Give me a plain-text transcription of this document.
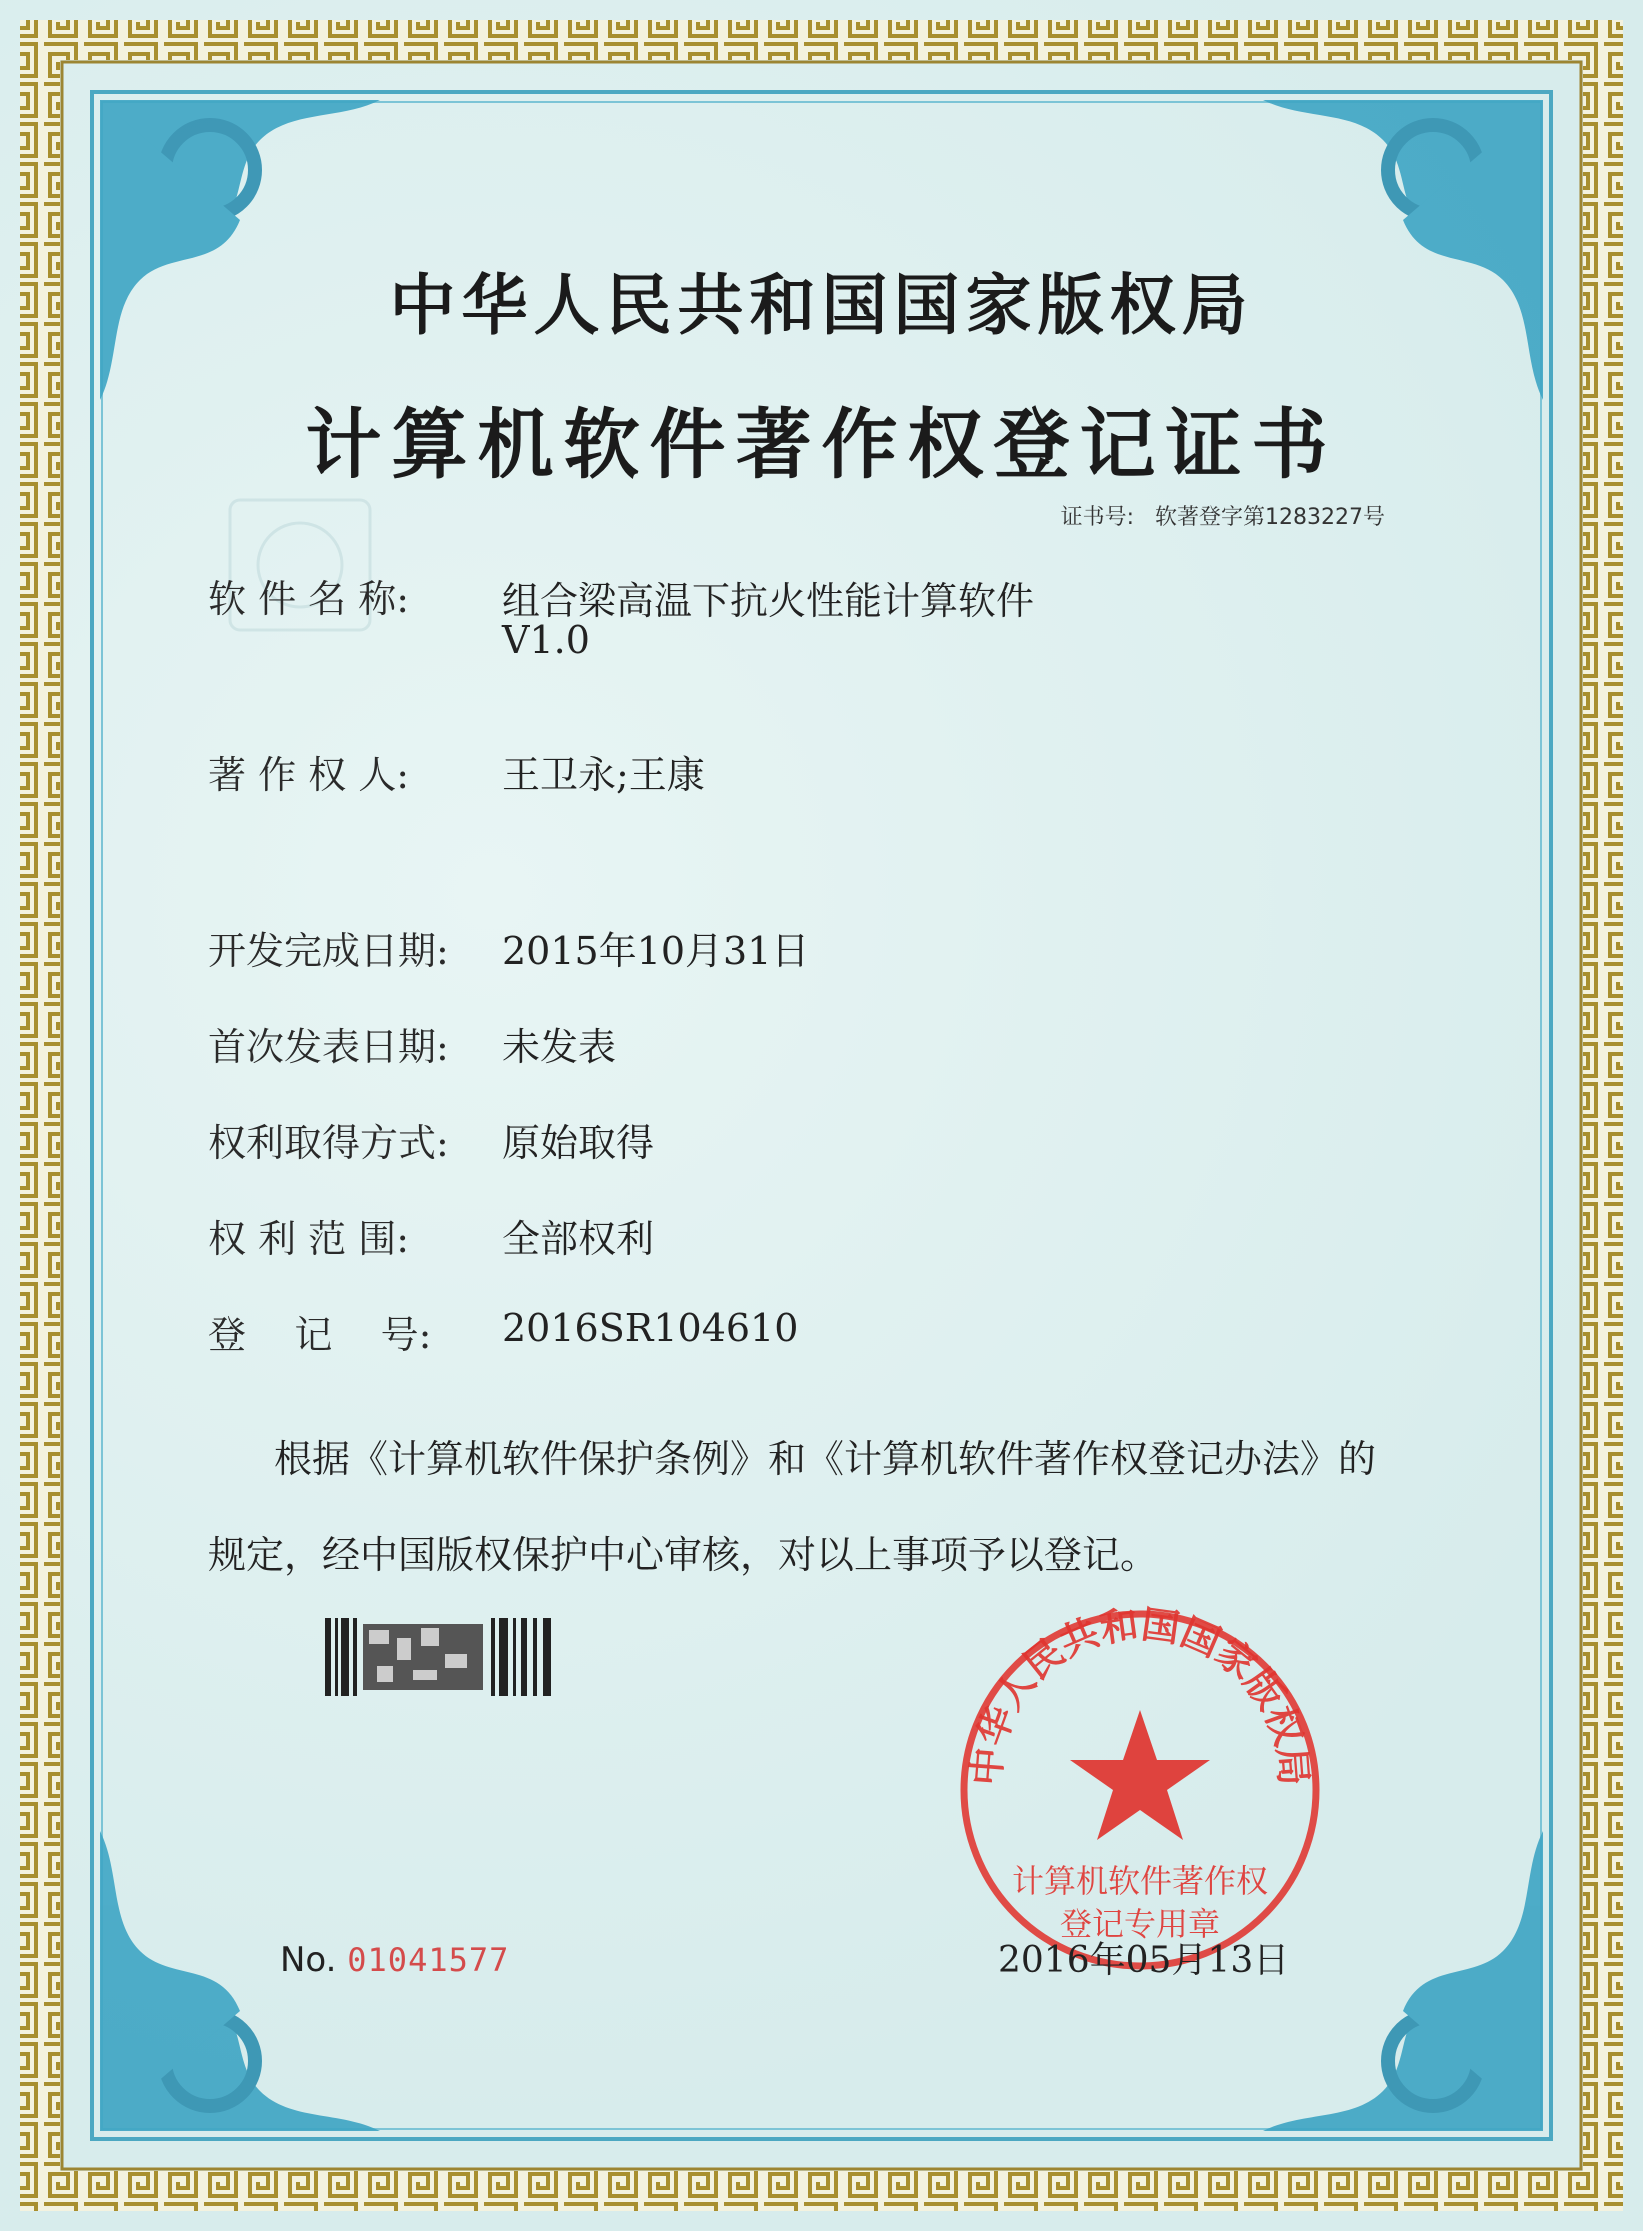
中华人民共和国国家版权局
计算机软件著作权登记证书
证书号: 软著登字第1283227号
软 件 名 称: 组合梁高温下抗火性能计算软件
V1.0
著 作 权 人: 王卫永;王康
开发完成日期: 2015年10月31日
首次发表日期: 未发表
权利取得方式: 原始取得
权 利 范 围: 全部权利
登    记    号: 2016SR104610
根据《计算机软件保护条例》和《计算机软件著作权登记办法》的
规定，经中国版权保护中心审核，对以上事项予以登记。
中华人民共和国国家版权局
计算机软件著作权
登记专用章
No. 01041577	2016年05月13日
